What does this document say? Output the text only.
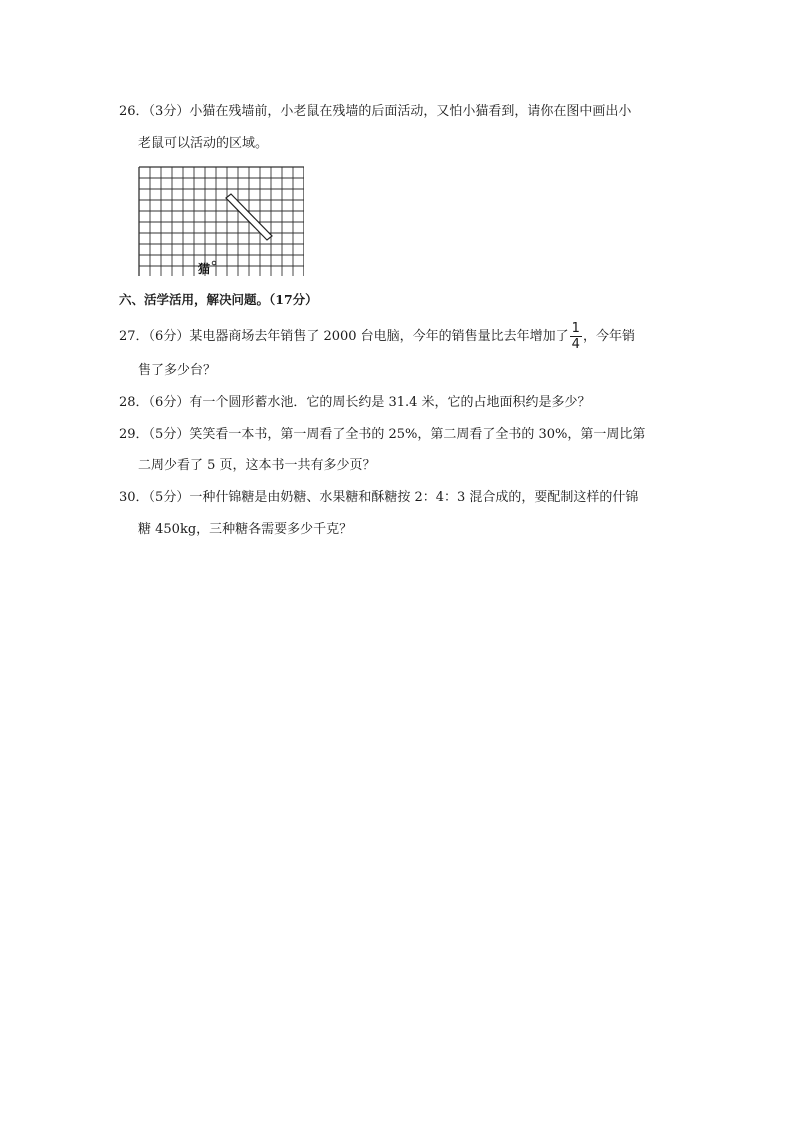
26．（3分）小猫在残墙前，小老鼠在残墙的后面活动，又怕小猫看到，请你在图中画出小
老鼠可以活动的区域。
猫
六、活学活用，解决问题。（17分）
27．（6分）某电器商场去年销售了 2000 台电脑，今年的销售量比去年增加了 $\frac{1}{4}$ ，今年销
售了多少台？
28．（6分）有一个圆形蓄水池．它的周长约是 31.4 米，它的占地面积约是多少？
29．（5分）笑笑看一本书，第一周看了全书的 25%，第二周看了全书的 30%，第一周比第
二周少看了 5 页，这本书一共有多少页？
30．（5分）一种什锦糖是由奶糖、水果糖和酥糖按 2：4：3 混合成的，要配制这样的什锦
糖 450kg，三种糖各需要多少千克？
